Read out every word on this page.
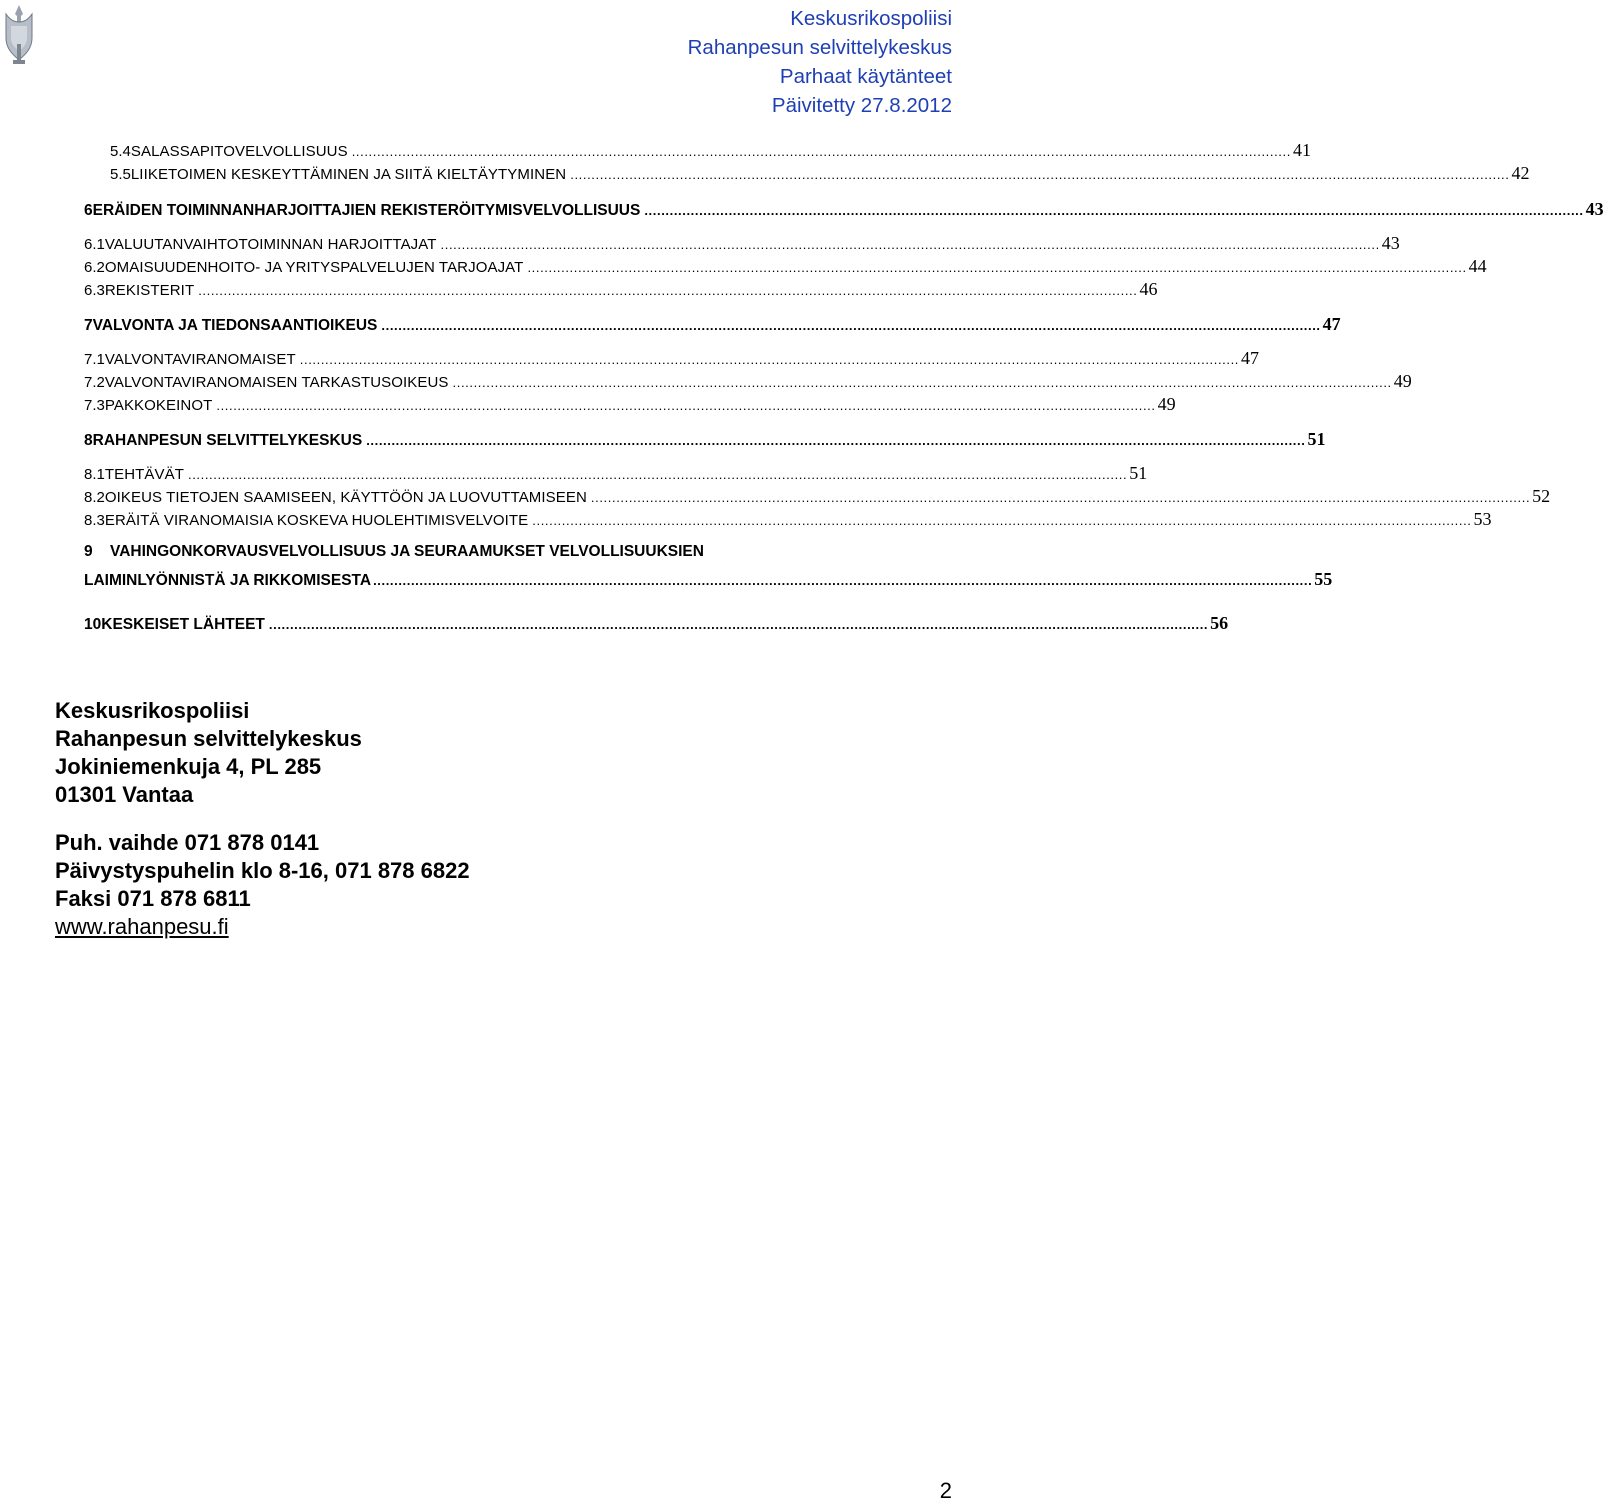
Keskusrikospoliisi
Rahanpesun selvittelykeskus
Parhaat käytänteet
Päivitetty 27.8.2012
5.4 SALASSAPITOVELVOLLISUUS ............................................................................................................................................................................................................................... 41
5.5 LIIKETOIMEN KESKEYTTÄMINEN JA SIITÄ KIELTÄYTYMINEN ............................................................................................................................................................................................................................... 42
6 ERÄIDEN TOIMINNANHARJOITTAJIEN REKISTERÖITYMISVELVOLLISUUS ............................................................................................................................................................................................................................... 43
6.1 VALUUTANVAIHTOTOIMINNAN HARJOITTAJAT ............................................................................................................................................................................................................................... 43
6.2 OMAISUUDENHOITO- JA YRITYSPALVELUJEN TARJOAJAT ............................................................................................................................................................................................................................... 44
6.3 REKISTERIT ............................................................................................................................................................................................................................... 46
7 VALVONTA JA TIEDONSAANTIOIKEUS ............................................................................................................................................................................................................................... 47
7.1 VALVONTAVIRANOMAISET ............................................................................................................................................................................................................................... 47
7.2 VALVONTAVIRANOMAISEN TARKASTUSOIKEUS ............................................................................................................................................................................................................................... 49
7.3 PAKKOKEINOT ............................................................................................................................................................................................................................... 49
8 RAHANPESUN SELVITTELYKESKUS ............................................................................................................................................................................................................................... 51
8.1 TEHTÄVÄT ............................................................................................................................................................................................................................... 51
8.2 OIKEUS TIETOJEN SAAMISEEN, KÄYTTÖÖN JA LUOVUTTAMISEEN ............................................................................................................................................................................................................................... 52
8.3 ERÄITÄ VIRANOMAISIA KOSKEVA HUOLEHTIMISVELVOITE ............................................................................................................................................................................................................................... 53
9 VAHINGONKORVAUSVELVOLLISUUS JA SEURAAMUKSET VELVOLLISUUKSIEN
LAIMINLYÖNNISTÄ JA RIKKOMISESTA ............................................................................................................................................................................................................................... 55
10 KESKEISET LÄHTEET ............................................................................................................................................................................................................................... 56
Keskusrikospoliisi
Rahanpesun selvittelykeskus
Jokiniemenkuja 4, PL 285
01301 Vantaa
Puh. vaihde 071 878 0141
Päivystyspuhelin klo 8-16, 071 878 6822
Faksi 071 878 6811
www.rahanpesu.fi
2
